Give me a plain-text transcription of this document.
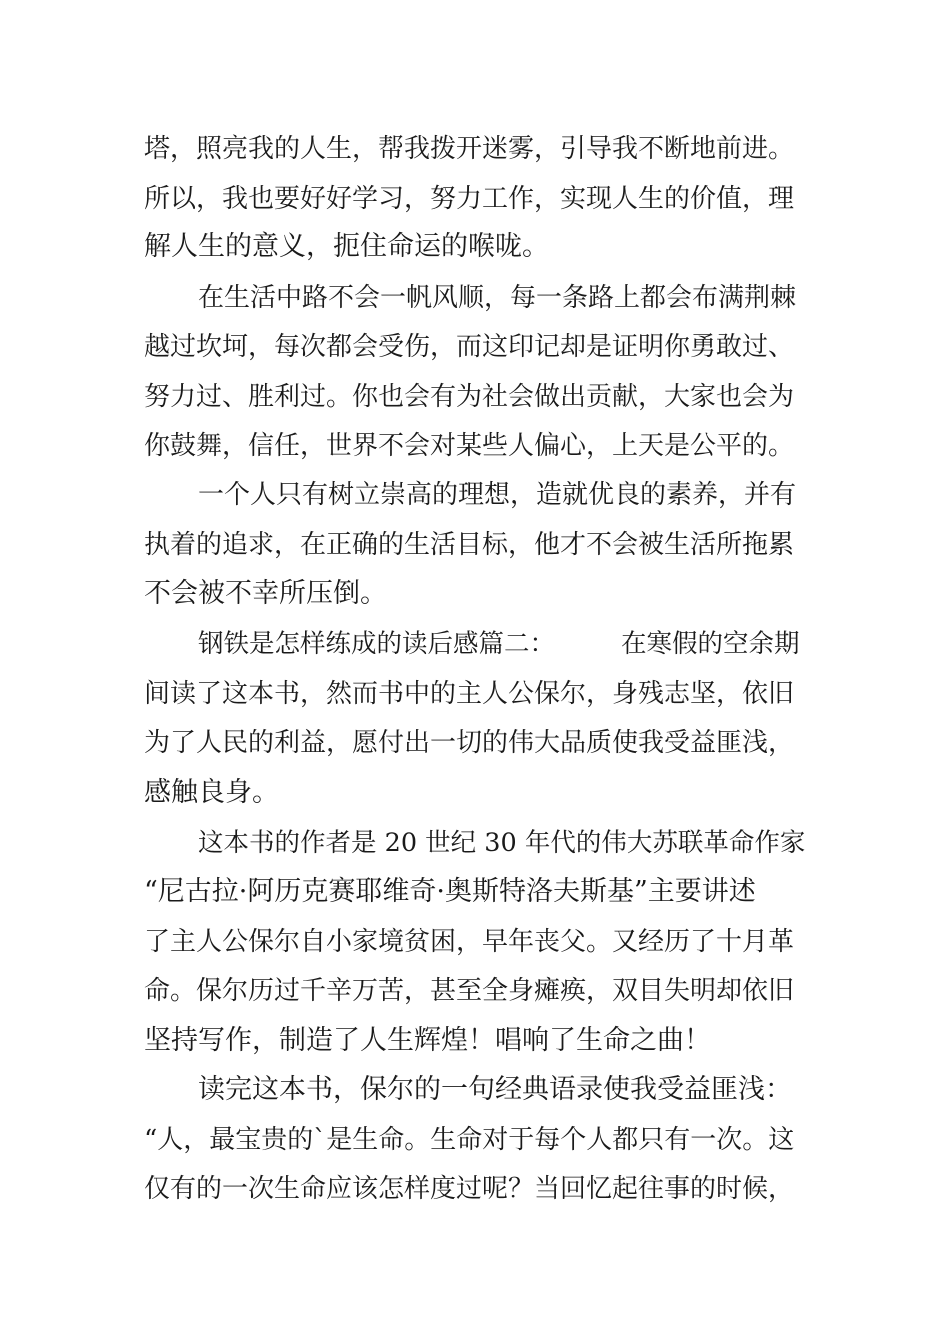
塔，照亮我的人生，帮我拨开迷雾，引导我不断地前进。
所以，我也要好好学习，努力工作，实现人生的价值，理
解人生的意义，扼住命运的喉咙。
在生活中路不会一帆风顺，每一条路上都会布满荆棘
越过坎坷，每次都会受伤，而这印记却是证明你勇敢过、
努力过、胜利过。你也会有为社会做出贡献，大家也会为
你鼓舞，信任，世界不会对某些人偏心，上天是公平的。
一个人只有树立崇高的理想，造就优良的素养，并有
执着的追求，在正确的生活目标，他才不会被生活所拖累
不会被不幸所压倒。
钢铁是怎样练成的读后感篇二：	在寒假的空余期
间读了这本书，然而书中的主人公保尔，身残志坚，依旧
为了人民的利益，愿付出一切的伟大品质使我受益匪浅，
感触良身。
这本书的作者是 20 世纪 30 年代的伟大苏联革命作家
“尼古拉·阿历克赛耶维奇·奥斯特洛夫斯基”主要讲述
了主人公保尔自小家境贫困，早年丧父。又经历了十月革
命。保尔历过千辛万苦，甚至全身瘫痪，双目失明却依旧
坚持写作，制造了人生辉煌！唱响了生命之曲！
读完这本书，保尔的一句经典语录使我受益匪浅：
“人，最宝贵的`是生命。生命对于每个人都只有一次。这
仅有的一次生命应该怎样度过呢？当回忆起往事的时候，
